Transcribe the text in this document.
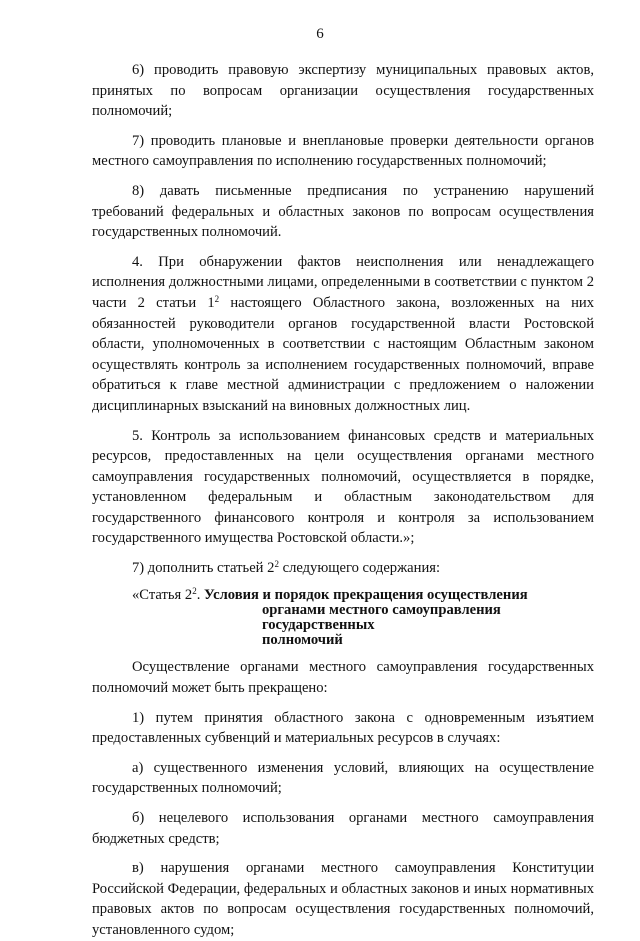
6

6) проводить правовую экспертизу муниципальных правовых актов, принятых по вопросам организации осуществления государственных полномочий;

7) проводить плановые и внеплановые проверки деятельности органов местного самоуправления по исполнению государственных полномочий;

8) давать письменные предписания по устранению нарушений требований федеральных и областных законов по вопросам осуществления государственных полномочий.

4. При обнаружении фактов неисполнения или ненадлежащего исполнения должностными лицами, определенными в соответствии с пунктом 2 части 2 статьи $1^2$ настоящего Областного закона, возложенных на них обязанностей руководители органов государственной власти Ростовской области, уполномоченных в соответствии с настоящим Областным законом осуществлять контроль за исполнением государственных полномочий, вправе обратиться к главе местной администрации с предложением о наложении дисциплинарных взысканий на виновных должностных лиц.

5. Контроль за использованием финансовых средств и материальных ресурсов, предоставленных на цели осуществления органами местного самоуправления государственных полномочий, осуществляется в порядке, установленном федеральным и областным законодательством для государственного финансового контроля и контроля за использованием государственного имущества Ростовской области.»;

7) дополнить статьей $2^2$ следующего содержания:

«Статья $2^2$. Условия и порядок прекращения осуществления
органами местного самоуправления государственных
полномочий

Осуществление органами местного самоуправления государственных полномочий может быть прекращено:

1) путем принятия областного закона с одновременным изъятием предоставленных субвенций и материальных ресурсов в случаях:

а) существенного изменения условий, влияющих на осуществление государственных полномочий;

б) нецелевого использования органами местного самоуправления бюджетных средств;

в) нарушения органами местного самоуправления Конституции Российской Федерации, федеральных и областных законов и иных нормативных правовых актов по вопросам осуществления государственных полномочий, установленного судом;
